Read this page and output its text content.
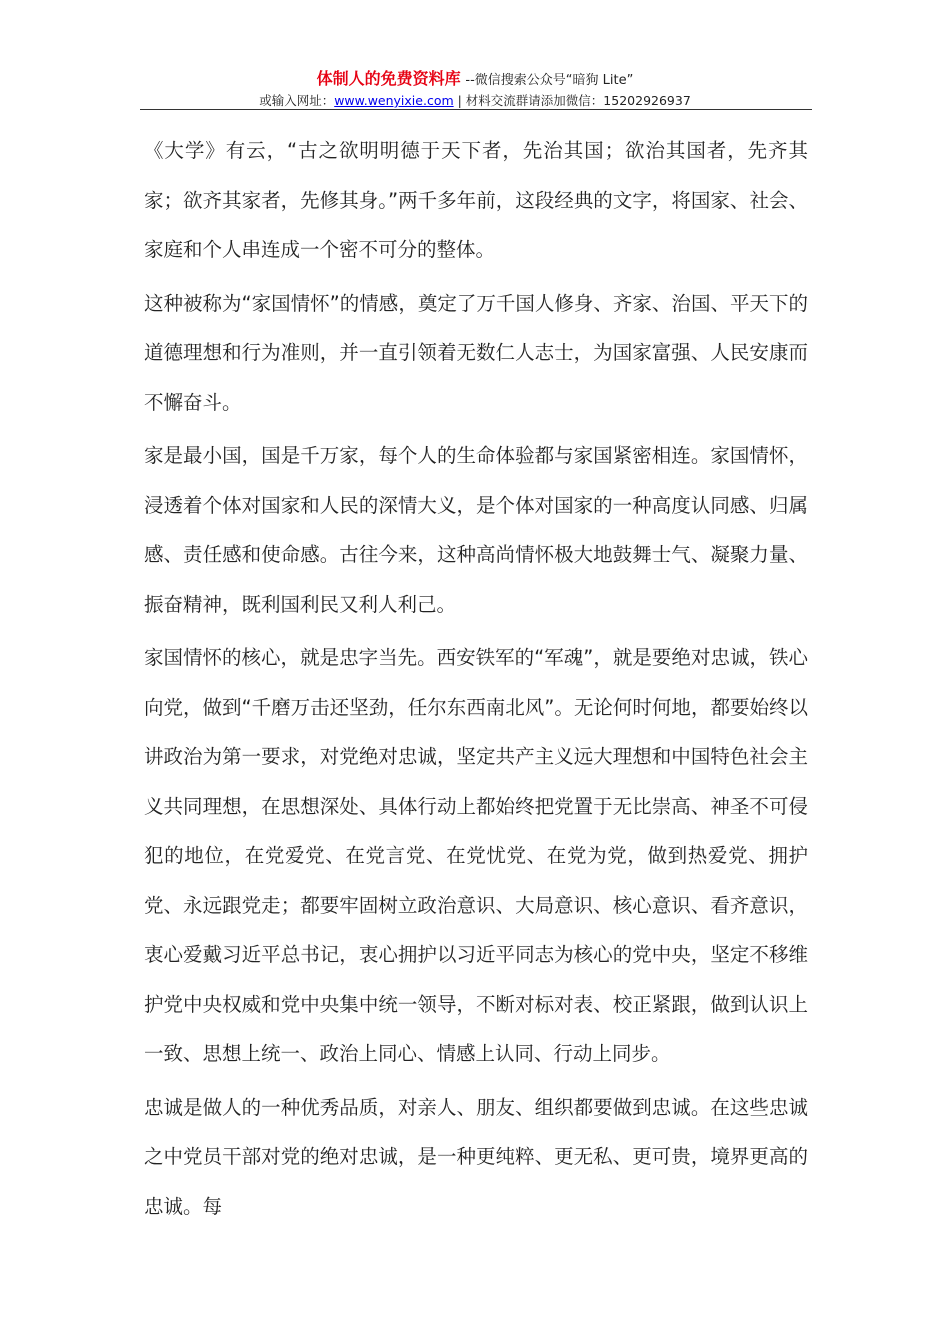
体制人的免费资料库 --微信搜索公众号“暗狗 Lite”
或输入网址：www.wenyixie.com | 材料交流群请添加微信：15202926937

《大学》有云，“古之欲明明德于天下者，先治其国；欲治其国者，先齐其家；欲齐其家者，先修其身。”两千多年前，这段经典的文字，将国家、社会、家庭和个人串连成一个密不可分的整体。

这种被称为“家国情怀”的情感，奠定了万千国人修身、齐家、治国、平天下的道德理想和行为准则，并一直引领着无数仁人志士，为国家富强、人民安康而不懈奋斗。

家是最小国，国是千万家，每个人的生命体验都与家国紧密相连。家国情怀，浸透着个体对国家和人民的深情大义，是个体对国家的一种高度认同感、归属感、责任感和使命感。古往今来，这种高尚情怀极大地鼓舞士气、凝聚力量、振奋精神，既利国利民又利人利己。

家国情怀的核心，就是忠字当先。西安铁军的“军魂”，就是要绝对忠诚，铁心向党，做到“千磨万击还坚劲，任尔东西南北风”。无论何时何地，都要始终以讲政治为第一要求，对党绝对忠诚，坚定共产主义远大理想和中国特色社会主义共同理想，在思想深处、具体行动上都始终把党置于无比崇高、神圣不可侵犯的地位，在党爱党、在党言党、在党忧党、在党为党，做到热爱党、拥护党、永远跟党走；都要牢固树立政治意识、大局意识、核心意识、看齐意识，衷心爱戴习近平总书记，衷心拥护以习近平同志为核心的党中央，坚定不移维护党中央权威和党中央集中统一领导，不断对标对表、校正紧跟，做到认识上一致、思想上统一、政治上同心、情感上认同、行动上同步。

忠诚是做人的一种优秀品质，对亲人、朋友、组织都要做到忠诚。在这些忠诚之中党员干部对党的绝对忠诚，是一种更纯粹、更无私、更可贵，境界更高的忠诚。每
